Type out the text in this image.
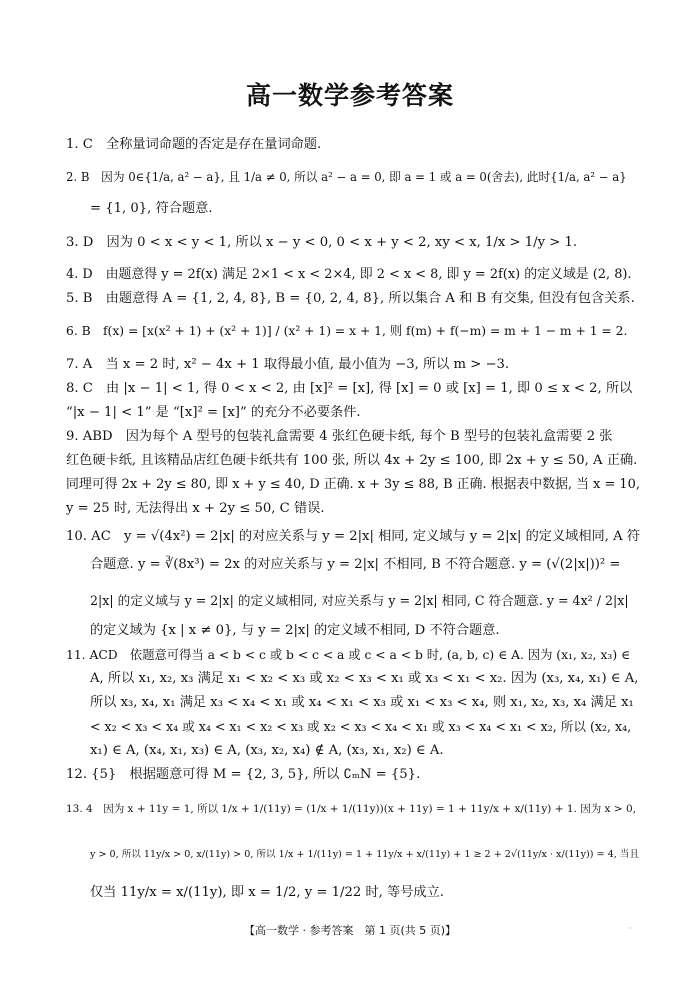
高一数学参考答案
1. C　全称量词命题的否定是存在量词命题.
2. B　因为 0∈{1/a, a² − a}, 且 1/a ≠ 0, 所以 a² − a = 0, 即 a = 1 或 a = 0(舍去), 此时{1/a, a² − a}
= {1, 0}, 符合题意.
3. D　因为 0 < x < y < 1, 所以 x − y < 0, 0 < x + y < 2, xy < x, 1/x > 1/y > 1.
4. D　由题意得 y = 2f(x) 满足 2×1 < x < 2×4, 即 2 < x < 8, 即 y = 2f(x) 的定义域是 (2, 8).
5. B　由题意得 A = {1, 2, 4, 8}, B = {0, 2, 4, 8}, 所以集合 A 和 B 有交集, 但没有包含关系.
6. B　f(x) = [x(x² + 1) + (x² + 1)] / (x² + 1) = x + 1, 则 f(m) + f(−m) = m + 1 − m + 1 = 2.
7. A　当 x = 2 时, x² − 4x + 1 取得最小值, 最小值为 −3, 所以 m > −3.
8. C　由 |x − 1| < 1, 得 0 < x < 2, 由 [x]² = [x], 得 [x] = 0 或 [x] = 1, 即 0 ≤ x < 2, 所以
“|x − 1| < 1” 是 “[x]² = [x]” 的充分不必要条件.
9. ABD　因为每个 A 型号的包装礼盒需要 4 张红色硬卡纸, 每个 B 型号的包装礼盒需要 2 张
红色硬卡纸, 且该精品店红色硬卡纸共有 100 张, 所以 4x + 2y ≤ 100, 即 2x + y ≤ 50, A 正确.
同理可得 2x + 2y ≤ 80, 即 x + y ≤ 40, D 正确. x + 3y ≤ 88, B 正确. 根据表中数据, 当 x = 10,
y = 25 时, 无法得出 x + 2y ≤ 50, C 错误.
10. AC　y = √(4x²) = 2|x| 的对应关系与 y = 2|x| 相同, 定义域与 y = 2|x| 的定义域相同, A 符
合题意. y = ∛(8x³) = 2x 的对应关系与 y = 2|x| 不相同, B 不符合题意. y = (√(2|x|))² =
2|x| 的定义域与 y = 2|x| 的定义域相同, 对应关系与 y = 2|x| 相同, C 符合题意. y = 4x² / 2|x|
的定义域为 {x | x ≠ 0}, 与 y = 2|x| 的定义域不相同, D 不符合题意.
11. ACD　依题意可得当 a < b < c 或 b < c < a 或 c < a < b 时, (a, b, c) ∈ A. 因为 (x₁, x₂, x₃) ∈
A, 所以 x₁, x₂, x₃ 满足 x₁ < x₂ < x₃ 或 x₂ < x₃ < x₁ 或 x₃ < x₁ < x₂. 因为 (x₃, x₄, x₁) ∈ A,
所以 x₃, x₄, x₁ 满足 x₃ < x₄ < x₁ 或 x₄ < x₁ < x₃ 或 x₁ < x₃ < x₄, 则 x₁, x₂, x₃, x₄ 满足 x₁
< x₂ < x₃ < x₄ 或 x₄ < x₁ < x₂ < x₃ 或 x₂ < x₃ < x₄ < x₁ 或 x₃ < x₄ < x₁ < x₂, 所以 (x₂, x₄,
x₁) ∈ A, (x₄, x₁, x₃) ∈ A, (x₃, x₂, x₄) ∉ A, (x₃, x₁, x₂) ∈ A.
12. {5}　根据题意可得 M = {2, 3, 5}, 所以 ∁ₘN = {5}.
13. 4　因为 x + 11y = 1, 所以 1/x + 1/(11y) = (1/x + 1/(11y))(x + 11y) = 1 + 11y/x + x/(11y) + 1. 因为 x > 0,
y > 0, 所以 11y/x > 0, x/(11y) > 0, 所以 1/x + 1/(11y) = 1 + 11y/x + x/(11y) + 1 ≥ 2 + 2√(11y/x · x/(11y)) = 4, 当且
仅当 11y/x = x/(11y), 即 x = 1/2, y = 1/22 时, 等号成立.
【高一数学 · 参考答案　第 1 页(共 5 页)】	··
